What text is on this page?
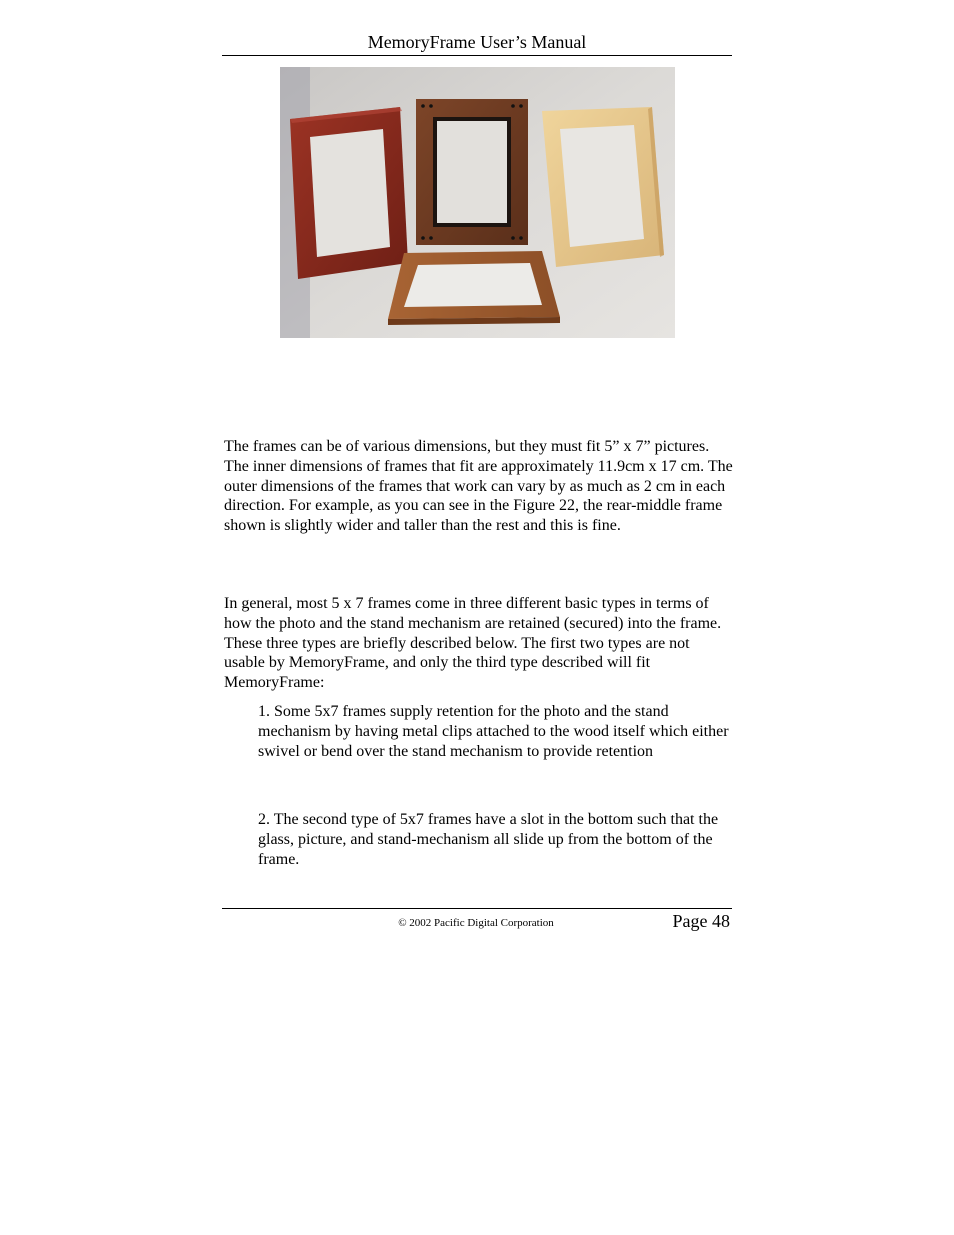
MemoryFrame User’s Manual

The frames can be of various dimensions, but they must fit 5” x 7” pictures. The inner dimensions of frames that fit are approximately 11.9cm x 17 cm. The outer dimensions of the frames that work can vary by as much as 2 cm in each direction. For example, as you can see in the Figure 22, the rear-middle frame shown is slightly wider and taller than the rest and this is fine.

In general, most 5 x 7 frames come in three different basic types in terms of how the photo and the stand mechanism are retained (secured) into the frame. These three types are briefly described below. The first two types are not usable by MemoryFrame, and only the third type described will fit MemoryFrame:

1. Some 5x7 frames supply retention for the photo and the stand mechanism by having metal clips attached to the wood itself which either swivel or bend over the stand mechanism to provide retention

2. The second type of 5x7 frames have a slot in the bottom such that the glass, picture, and stand-mechanism all slide up from the bottom of the frame.

© 2002 Pacific Digital Corporation	Page 48
